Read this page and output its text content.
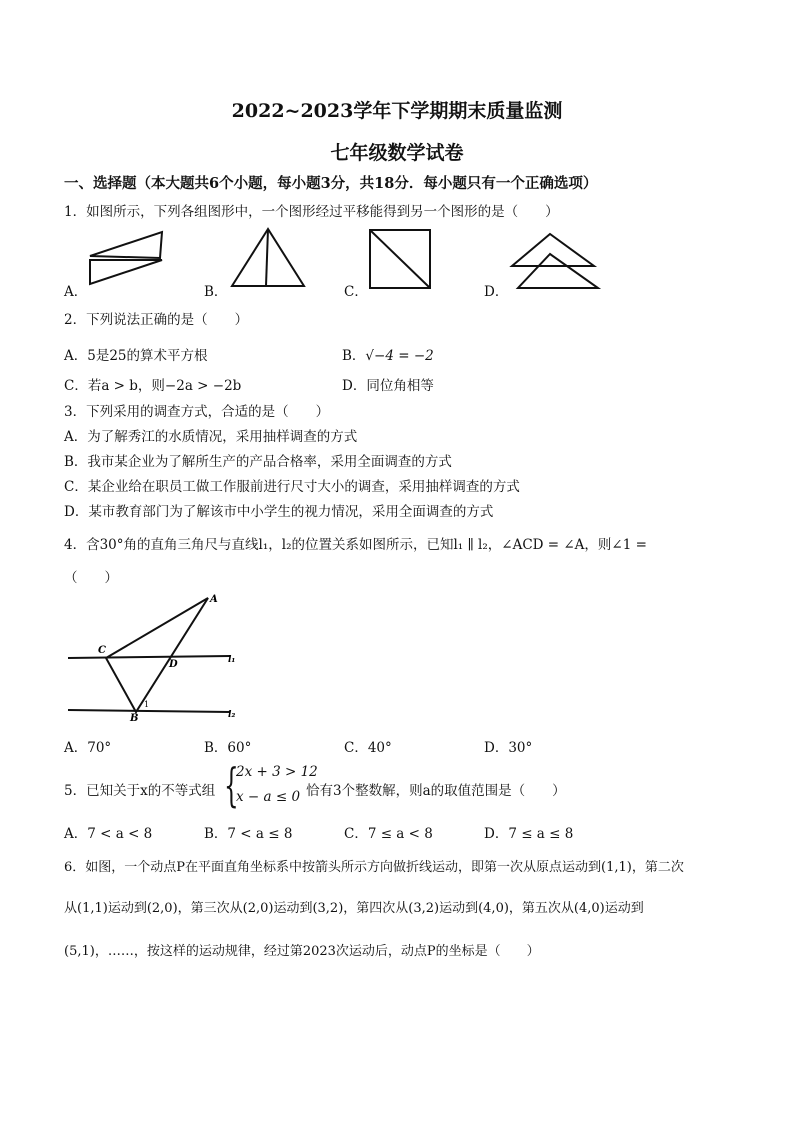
2022~2023学年下学期期末质量监测
七年级数学试卷
一、选择题（本大题共6个小题，每小题3分，共18分．每小题只有一个正确选项）
1．如图所示，下列各组图形中，一个图形经过平移能得到另一个图形的是（　　）
A．	B．	C．	D．
2．下列说法正确的是（　　）
A．5是25的算术平方根	B．√−4 = −2
C．若a > b，则−2a > −2b	D．同位角相等
3．下列采用的调查方式，合适的是（　　）
A．为了解秀江的水质情况，采用抽样调查的方式
B．我市某企业为了解所生产的产品合格率，采用全面调查的方式
C．某企业给在职员工做工作服前进行尺寸大小的调查，采用抽样调查的方式
D．某市教育部门为了解该市中小学生的视力情况，采用全面调查的方式
4．含30°角的直角三角尺与直线l₁，l₂的位置关系如图所示，已知l₁ ∥ l₂，∠ACD = ∠A，则∠1 =
（　　）
A
C
D
B
1
l₁
l₂
A．70°	B．60°	C．40°	D．30°
5．已知关于x的不等式组 {
2x + 3 > 12
x − a ≤ 0 恰有3个整数解，则a的取值范围是（　　）
A．7 < a < 8	B．7 < a ≤ 8	C．7 ≤ a < 8	D．7 ≤ a ≤ 8
6．如图，一个动点P在平面直角坐标系中按箭头所示方向做折线运动，即第一次从原点运动到(1,1)，第二次
从(1,1)运动到(2,0)，第三次从(2,0)运动到(3,2)，第四次从(3,2)运动到(4,0)，第五次从(4,0)运动到
(5,1)，……，按这样的运动规律，经过第2023次运动后，动点P的坐标是（　　）
